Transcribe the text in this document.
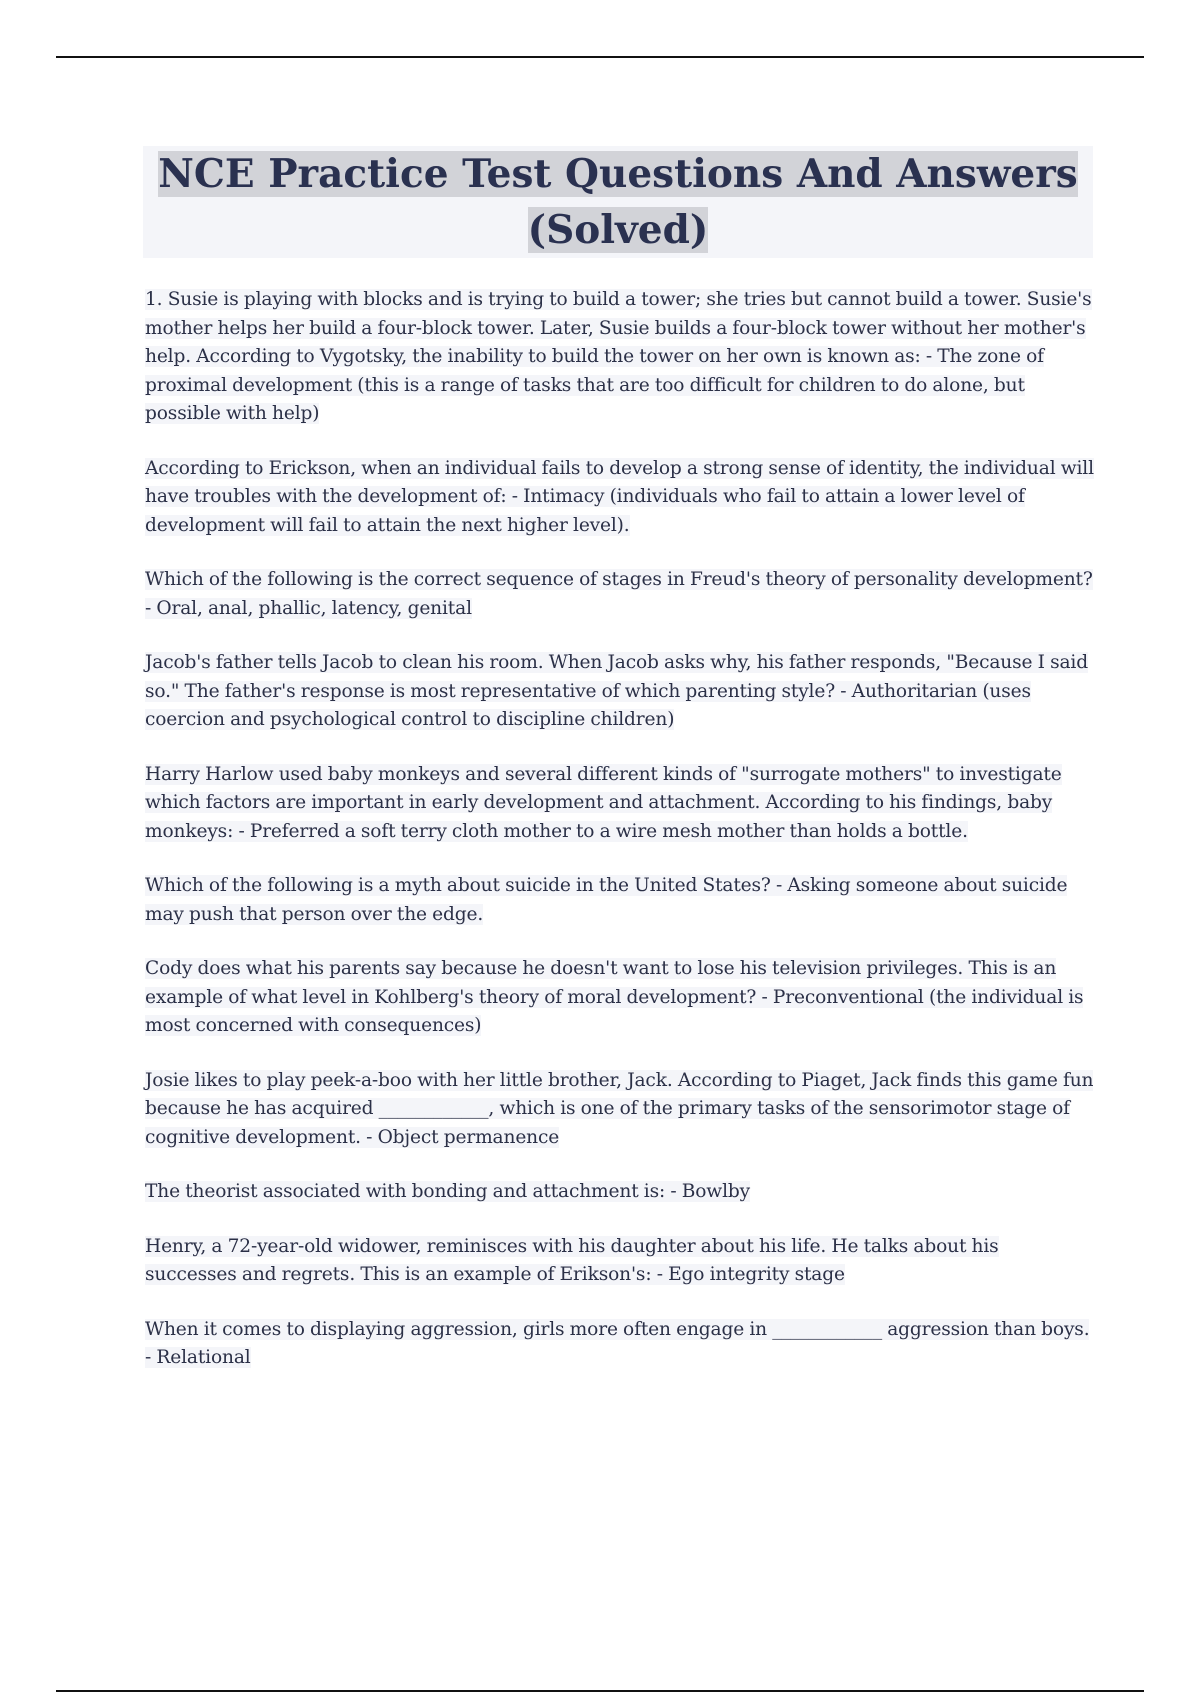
NCE Practice Test Questions And Answers
(Solved)

1. Susie is playing with blocks and is trying to build a tower; she tries but cannot build a tower. Susie's mother helps her build a four-block tower. Later, Susie builds a four-block tower without her mother's help. According to Vygotsky, the inability to build the tower on her own is known as: - The zone of proximal development (this is a range of tasks that are too difficult for children to do alone, but possible with help)

According to Erickson, when an individual fails to develop a strong sense of identity, the individual will have troubles with the development of: - Intimacy (individuals who fail to attain a lower level of development will fail to attain the next higher level).

Which of the following is the correct sequence of stages in Freud's theory of personality development? - Oral, anal, phallic, latency, genital

Jacob's father tells Jacob to clean his room. When Jacob asks why, his father responds, "Because I said so." The father's response is most representative of which parenting style? - Authoritarian (uses coercion and psychological control to discipline children)

Harry Harlow used baby monkeys and several different kinds of "surrogate mothers" to investigate which factors are important in early development and attachment. According to his findings, baby monkeys: - Preferred a soft terry cloth mother to a wire mesh mother than holds a bottle.

Which of the following is a myth about suicide in the United States? - Asking someone about suicide may push that person over the edge.

Cody does what his parents say because he doesn't want to lose his television privileges. This is an example of what level in Kohlberg's theory of moral development? - Preconventional (the individual is most concerned with consequences)

Josie likes to play peek-a-boo with her little brother, Jack. According to Piaget, Jack finds this game fun because he has acquired ____________, which is one of the primary tasks of the sensorimotor stage of cognitive development. - Object permanence

The theorist associated with bonding and attachment is: - Bowlby

Henry, a 72-year-old widower, reminisces with his daughter about his life. He talks about his successes and regrets. This is an example of Erikson's: - Ego integrity stage

When it comes to displaying aggression, girls more often engage in ____________ aggression than boys. - Relational
